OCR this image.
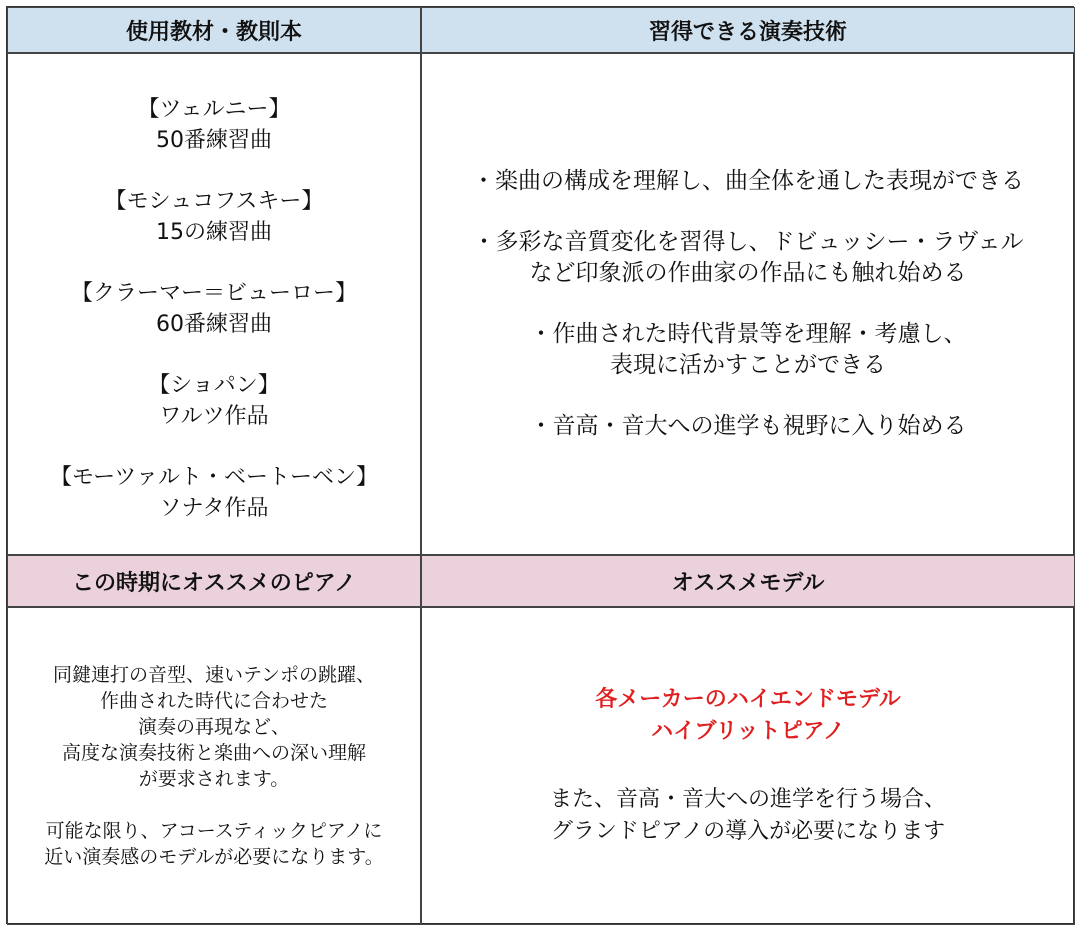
使用教材・教則本	習得できる演奏技術
【ツェルニー】
50番練習曲
【モシュコフスキー】
15の練習曲
【クラーマー＝ビューロー】
60番練習曲
【ショパン】
ワルツ作品
【モーツァルト・ベートーベン】
ソナタ作品
・楽曲の構成を理解し、曲全体を通した表現ができる
・多彩な音質変化を習得し、ドビュッシー・ラヴェル
など印象派の作曲家の作品にも触れ始める
・作曲された時代背景等を理解・考慮し、
表現に活かすことができる
・音高・音大への進学も視野に入り始める
この時期にオススメのピアノ	オススメモデル
同鍵連打の音型、速いテンポの跳躍、
作曲された時代に合わせた
演奏の再現など、
高度な演奏技術と楽曲への深い理解
が要求されます。
可能な限り、アコースティックピアノに
近い演奏感のモデルが必要になります。
各メーカーのハイエンドモデル
ハイブリットピアノ
また、音高・音大への進学を行う場合、
グランドピアノの導入が必要になります
